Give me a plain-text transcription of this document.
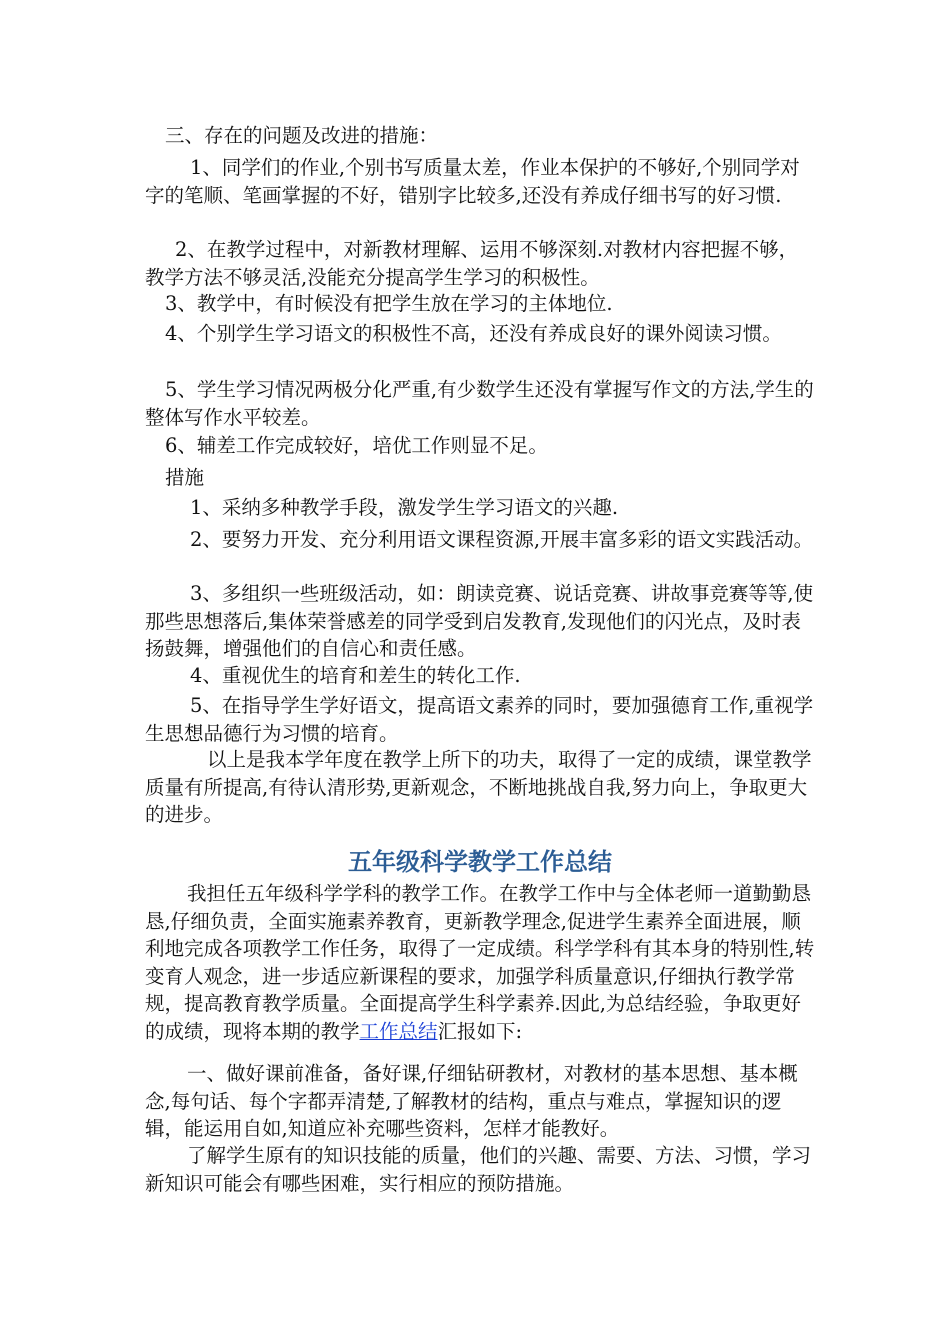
三、存在的问题及改进的措施：

1、同学们的作业,个别书写质量太差，作业本保护的不够好,个别同学对字的笔顺、笔画掌握的不好，错别字比较多,还没有养成仔细书写的好习惯.

2、在教学过程中，对新教材理解、运用不够深刻.对教材内容把握不够，教学方法不够灵活,没能充分提高学生学习的积极性。

3、教学中，有时候没有把学生放在学习的主体地位.

4、个别学生学习语文的积极性不高，还没有养成良好的课外阅读习惯。

5、学生学习情况两极分化严重,有少数学生还没有掌握写作文的方法,学生的整体写作水平较差。

6、辅差工作完成较好，培优工作则显不足。

措施

1、采纳多种教学手段，激发学生学习语文的兴趣.

2、要努力开发、充分利用语文课程资源,开展丰富多彩的语文实践活动。

3、多组织一些班级活动，如：朗读竞赛、说话竞赛、讲故事竞赛等等,使那些思想落后,集体荣誉感差的同学受到启发教育,发现他们的闪光点，及时表扬鼓舞，增强他们的自信心和责任感。

4、重视优生的培育和差生的转化工作.

5、在指导学生学好语文，提高语文素养的同时，要加强德育工作,重视学生思想品德行为习惯的培育。

以上是我本学年度在教学上所下的功夫，取得了一定的成绩，课堂教学质量有所提高,有待认清形势,更新观念，不断地挑战自我,努力向上，争取更大的进步。

五年级科学教学工作总结

我担任五年级科学学科的教学工作。在教学工作中与全体老师一道勤勤恳恳,仔细负责，全面实施素养教育，更新教学理念,促进学生素养全面进展，顺利地完成各项教学工作任务，取得了一定成绩。科学学科有其本身的特别性,转变育人观念，进一步适应新课程的要求，加强学科质量意识,仔细执行教学常规，提高教育教学质量。全面提高学生科学素养.因此,为总结经验，争取更好的成绩，现将本期的教学工作总结汇报如下:

一、做好课前准备，备好课,仔细钻研教材，对教材的基本思想、基本概念,每句话、每个字都弄清楚,了解教材的结构，重点与难点，掌握知识的逻辑，能运用自如,知道应补充哪些资料，怎样才能教好。

了解学生原有的知识技能的质量，他们的兴趣、需要、方法、习惯，学习新知识可能会有哪些困难，实行相应的预防措施。
